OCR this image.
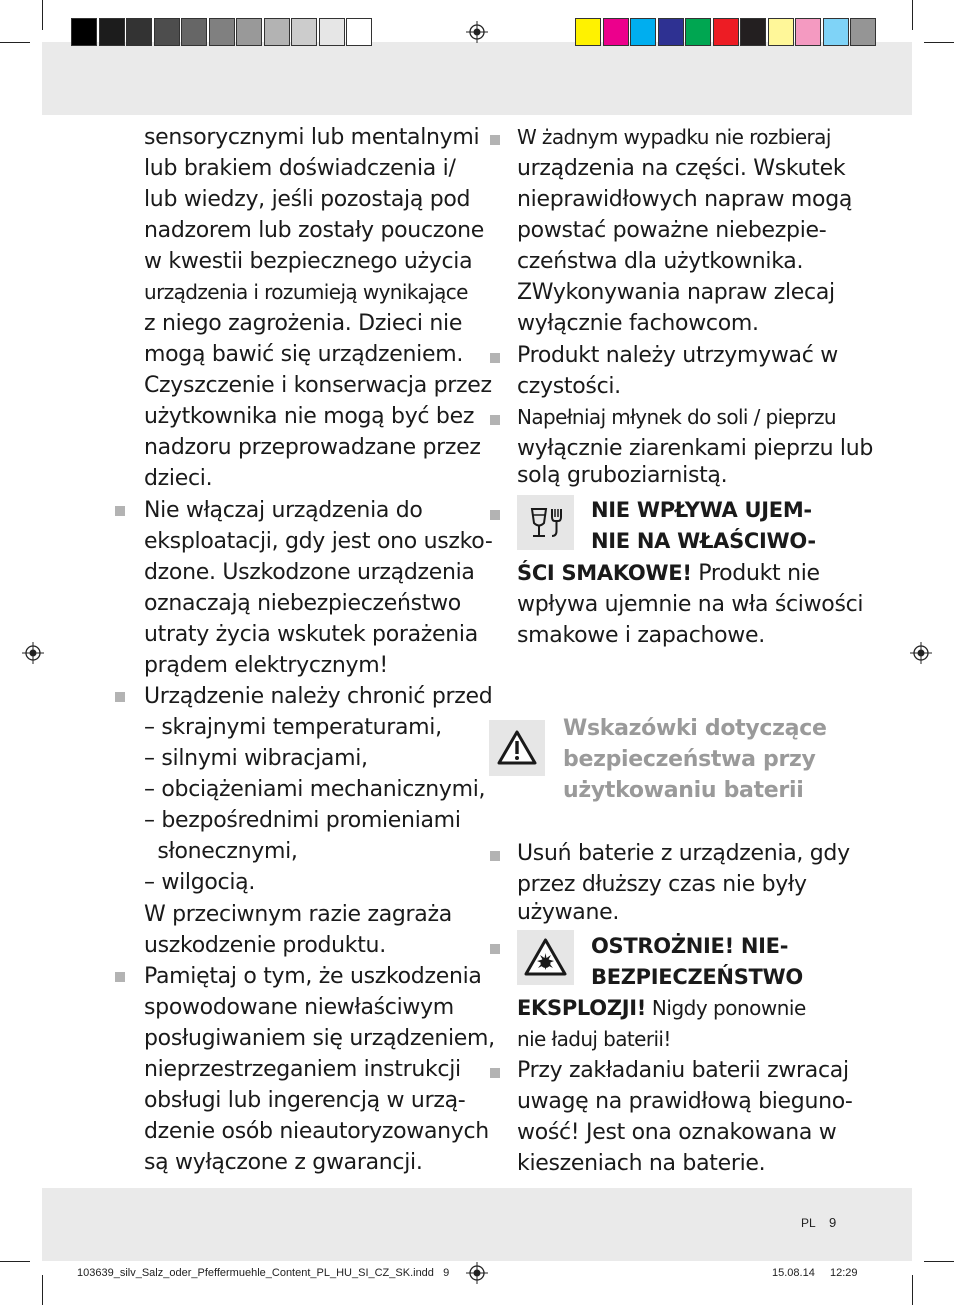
sensorycznymi lub mentalnymi
lub brakiem doświadczenia i/
lub wiedzy, jeśli pozostają pod
nadzorem lub zostały pouczone
w kwestii bezpiecznego użycia
urządzenia i rozumieją wynikające
z niego zagrożenia. Dzieci nie
mogą bawić się urządzeniem.
Czyszczenie i konserwacja przez
użytkownika nie mogą być bez
nadzoru przeprowadzane przez
dzieci.
Nie włączaj urządzenia do
eksploatacji, gdy jest ono uszko-
dzone. Uszkodzone urządzenia
oznaczają niebezpieczeństwo
utraty życia wskutek porażenia
prądem elektrycznym!
Urządzenie należy chronić przed
– skrajnymi temperaturami,
– silnymi wibracjami,
– obciążeniami mechanicznymi,
– bezpośrednimi promieniami
słonecznymi,
– wilgocią.
W przeciwnym razie zagraża
uszkodzenie produktu.
Pamiętaj o tym, że uszkodzenia
spowodowane niewłaściwym
posługiwaniem się urządzeniem,
nieprzestrzeganiem instrukcji
obsługi lub ingerencją w urzą-
dzenie osób nieautoryzowanych
są wyłączone z gwarancji.
W żadnym wypadku nie rozbieraj
urządzenia na części. Wskutek
nieprawidłowych napraw mogą
powstać poważne niebezpie-
czeństwa dla użytkownika.
ZWykonywania napraw zlecaj
wyłącznie fachowcom.
Produkt należy utrzymywać w
czystości.
Napełniaj młynek do soli / pieprzu
wyłącznie ziarenkami pieprzu lub
solą gruboziarnistą.
NIE WPŁYWA UJEM-
NIE NA WŁAŚCIWO-
ŚCI SMAKOWE! Produkt nie
wpływa ujemnie na wła ściwości
smakowe i zapachowe.
Wskazówki dotyczące
bezpieczeństwa przy
użytkowaniu baterii
Usuń baterie z urządzenia, gdy
przez dłuższy czas nie były
używane.
OSTROŻNIE! NIE-
BEZPIECZEŃSTWO
EKSPLOZJI! Nigdy ponownie
nie ładuj baterii!
Przy zakładaniu baterii zwracaj
uwagę na prawidłową biegunо-
wość! Jest ona oznakowana w
kieszeniach na baterie.
PL 9
103639_silv_Salz_oder_Pfeffermuehle_Content_PL_HU_SI_CZ_SK.indd   9	15.08.14 12:29
